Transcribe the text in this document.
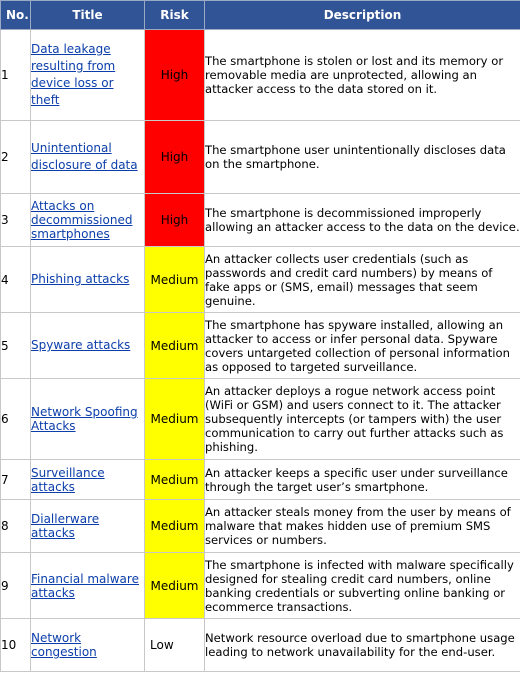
No.	Title	Risk	Description
1	Data leakage resulting from device loss or theft	High	The smartphone is stolen or lost and its memory or removable media are unprotected, allowing an attacker access to the data stored on it.
2	Unintentional disclosure of data	High	The smartphone user unintentionally discloses data on the smartphone.
3	Attacks on decommissioned smartphones	High	The smartphone is decommissioned improperly allowing an attacker access to the data on the device.
4	Phishing attacks	Medium	An attacker collects user credentials (such as passwords and credit card numbers) by means of fake apps or (SMS, email) messages that seem genuine.
5	Spyware attacks	Medium	The smartphone has spyware installed, allowing an attacker to access or infer personal data. Spyware covers untargeted collection of personal information as opposed to targeted surveillance.
6	Network Spoofing Attacks	Medium	An attacker deploys a rogue network access point (WiFi or GSM) and users connect to it. The attacker subsequently intercepts (or tampers with) the user communication to carry out further attacks such as phishing.
7	Surveillance attacks	Medium	An attacker keeps a specific user under surveillance through the target user’s smartphone.
8	Diallerware attacks	Medium	An attacker steals money from the user by means of malware that makes hidden use of premium SMS services or numbers.
9	Financial malware attacks	Medium	The smartphone is infected with malware specifically designed for stealing credit card numbers, online banking credentials or subverting online banking or ecommerce transactions.
10	Network congestion	Low	Network resource overload due to smartphone usage leading to network unavailability for the end-user.
